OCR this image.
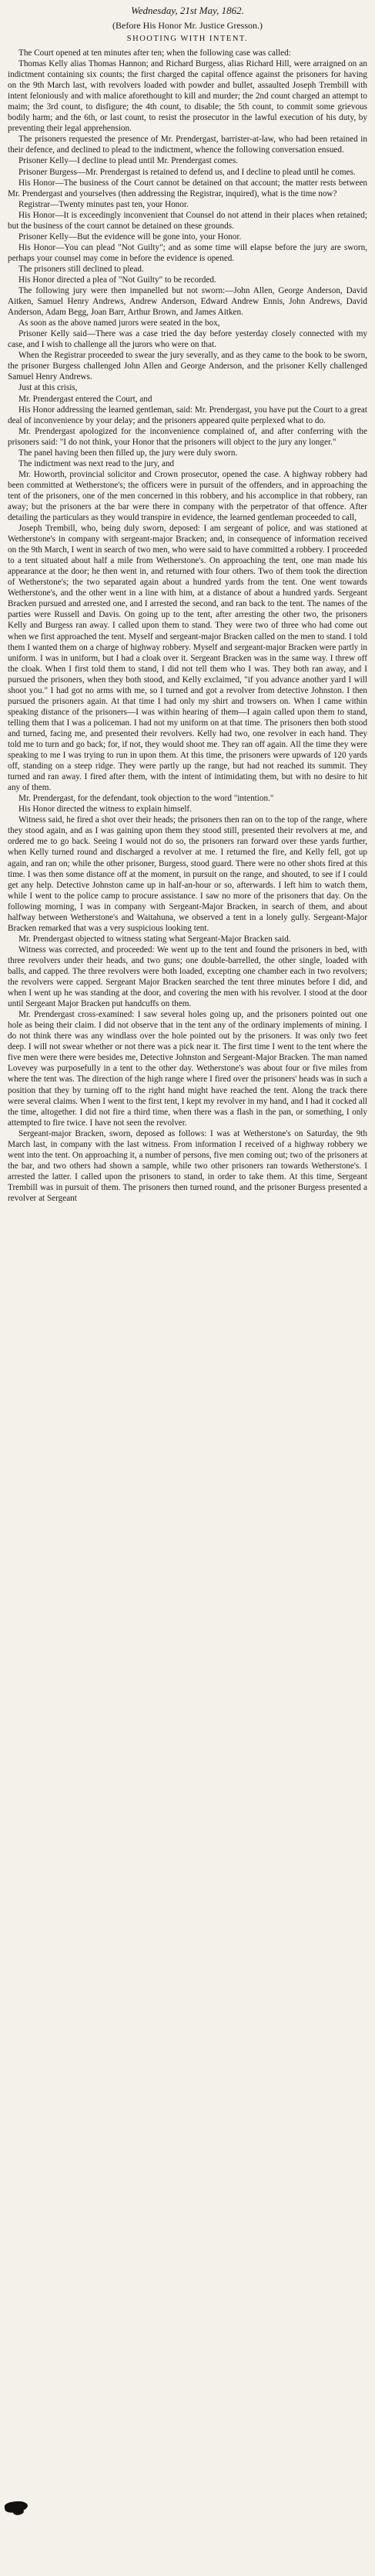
Wednesday, 21st May, 1862.
(Before His Honor Mr. Justice Gresson.)
SHOOTING WITH INTENT.

The Court opened at ten minutes after ten; when the following case was called:

Thomas Kelly alias Thomas Hannon; and Richard Burgess, alias Richard Hill, were arraigned on an indictment containing six counts; the first charged the capital offence against the prisoners for having on the 9th March last, with revolvers loaded with powder and bullet, assaulted Joseph Trembill with intent feloniously and with malice aforethought to kill and murder; the 2nd count charged an attempt to maim; the 3rd count, to disfigure; the 4th count, to disable; the 5th count, to commit some grievous bodily harm; and the 6th, or last count, to resist the prosecutor in the lawful execution of his duty, by preventing their legal apprehension.

The prisoners requested the presence of Mr. Prendergast, barrister-at-law, who had been retained in their defence, and declined to plead to the indictment, whence the following conversation ensued.

Prisoner Kelly—I decline to plead until Mr. Prendergast comes.

Prisoner Burgess—Mr. Prendergast is retained to defend us, and I decline to plead until he comes.

His Honor—The business of the Court cannot be detained on that account; the matter rests between Mr. Prendergast and yourselves (then addressing the Registrar, inquired), what is the time now?

Registrar—Twenty minutes past ten, your Honor.

His Honor—It is exceedingly inconvenient that Counsel do not attend in their places when retained; but the business of the court cannot be detained on these grounds.

Prisoner Kelly—But the evidence will be gone into, your Honor.

His Honor—You can plead "Not Guilty"; and as some time will elapse before the jury are sworn, perhaps your counsel may come in before the evidence is opened.

The prisoners still declined to plead.

His Honor directed a plea of "Not Guilty" to be recorded.

The following jury were then impanelled but not sworn:—John Allen, George Anderson, David Aitken, Samuel Henry Andrews, Andrew Anderson, Edward Andrew Ennis, John Andrews, David Anderson, Adam Begg, Joan Barr, Arthur Brown, and James Aitken.

As soon as the above named jurors were seated in the box,

Prisoner Kelly said—There was a case tried the day before yesterday closely connected with my case, and I wish to challenge all the jurors who were on that.

When the Registrar proceeded to swear the jury severally, and as they came to the book to be sworn, the prisoner Burgess challenged John Allen and George Anderson, and the prisoner Kelly challenged Samuel Henry Andrews.

Just at this crisis,

Mr. Prendergast entered the Court, and

His Honor addressing the learned gentleman, said: Mr. Prendergast, you have put the Court to a great deal of inconvenience by your delay; and the prisoners appeared quite perplexed what to do.

Mr. Prendergast apologized for the inconvenience complained of, and after conferring with the prisoners said: "I do not think, your Honor that the prisoners will object to the jury any longer."

The panel having been then filled up, the jury were duly sworn.

The indictment was next read to the jury, and

Mr. Howorth, provincial solicitor and Crown prosecutor, opened the case. A highway robbery had been committed at Wetherstone's; the officers were in pursuit of the offenders, and in approaching the tent of the prisoners, one of the men concerned in this robbery, and his accomplice in that robbery, ran away; but the prisoners at the bar were there in company with the perpetrator of that offence. After detailing the particulars as they would transpire in evidence, the learned gentleman proceeded to call,

Joseph Trembill, who, being duly sworn, deposed: I am sergeant of police, and was stationed at Wetherstone's in company with sergeant-major Bracken; and, in consequence of information received on the 9th March, I went in search of two men, who were said to have committed a robbery. I proceeded to a tent situated about half a mile from Wetherstone's. On approaching the tent, one man made his appearance at the door; he then went in, and returned with four others. Two of them took the direction of Wetherstone's; the two separated again about a hundred yards from the tent. One went towards Wetherstone's, and the other went in a line with him, at a distance of about a hundred yards. Sergeant Bracken pursued and arrested one, and I arrested the second, and ran back to the tent. The names of the parties were Russell and Davis. On going up to the tent, after arresting the other two, the prisoners Kelly and Burgess ran away. I called upon them to stand. They were two of three who had come out when we first approached the tent. Myself and sergeant-major Bracken called on the men to stand. I told them I wanted them on a charge of highway robbery. Myself and sergeant-major Bracken were partly in uniform. I was in uniform, but I had a cloak over it. Sergeant Bracken was in the same way. I threw off the cloak. When I first told them to stand, I did not tell them who I was. They both ran away, and I pursued the prisoners, when they both stood, and Kelly exclaimed, "if you advance another yard I will shoot you." I had got no arms with me, so I turned and got a revolver from detective Johnston. I then pursued the prisoners again. At that time I had only my shirt and trowsers on. When I came within speaking distance of the prisoners—I was within hearing of them—I again called upon them to stand, telling them that I was a policeman. I had not my uniform on at that time. The prisoners then both stood and turned, facing me, and presented their revolvers. Kelly had two, one revolver in each hand. They told me to turn and go back; for, if not, they would shoot me. They ran off again. All the time they were speaking to me I was trying to run in upon them. At this time, the prisoners were upwards of 120 yards off, standing on a steep ridge. They were partly up the range, but had not reached its summit. They turned and ran away. I fired after them, with the intent of intimidating them, but with no desire to hit any of them.

Mr. Prendergast, for the defendant, took objection to the word "intention."

His Honor directed the witness to explain himself.

Witness said, he fired a shot over their heads; the prisoners then ran on to the top of the range, where they stood again, and as I was gaining upon them they stood still, presented their revolvers at me, and ordered me to go back. Seeing I would not do so, the prisoners ran forward over these yards further, when Kelly turned round and discharged a revolver at me. I returned the fire, and Kelly fell, got up again, and ran on; while the other prisoner, Burgess, stood guard. There were no other shots fired at this time. I was then some distance off at the moment, in pursuit on the range, and shouted, to see if I could get any help. Detective Johnston came up in half-an-hour or so, afterwards. I left him to watch them, while I went to the police camp to procure assistance. I saw no more of the prisoners that day. On the following morning, I was in company with Sergeant-Major Bracken, in search of them, and about halfway between Wetherstone's and Waitahuna, we observed a tent in a lonely gully. Sergeant-Major Bracken remarked that was a very suspicious looking tent.

Mr. Prendergast objected to witness stating what Sergeant-Major Bracken said.

Witness was corrected, and proceeded: We went up to the tent and found the prisoners in bed, with three revolvers under their heads, and two guns; one double-barrelled, the other single, loaded with balls, and capped. The three revolvers were both loaded, excepting one chamber each in two revolvers; the revolvers were capped. Sergeant Major Bracken searched the tent three minutes before I did, and when I went up he was standing at the door, and covering the men with his revolver. I stood at the door until Sergeant Major Bracken put handcuffs on them.

Mr. Prendergast cross-examined: I saw several holes going up, and the prisoners pointed out one hole as being their claim. I did not observe that in the tent any of the ordinary implements of mining. I do not think there was any windlass over the hole pointed out by the prisoners. It was only two feet deep. I will not swear whether or not there was a pick near it. The first time I went to the tent where the five men were there were besides me, Detective Johnston and Sergeant-Major Bracken. The man named Lovevey was purposefully in a tent to the other day. Wetherstone's was about four or five miles from where the tent was. The direction of the high range where I fired over the prisoners' heads was in such a position that they by turning off to the right hand might have reached the tent. Along the track there were several claims. When I went to the first tent, I kept my revolver in my hand, and I had it cocked all the time, altogether. I did not fire a third time, when there was a flash in the pan, or something, I only attempted to fire twice. I have not seen the revolver.

Sergeant-major Bracken, sworn, deposed as follows: I was at Wetherstone's on Saturday, the 9th March last, in company with the last witness. From information I received of a highway robbery we went into the tent. On approaching it, a number of persons, five men coming out; two of the prisoners at the bar, and two others had shown a sample, while two other prisoners ran towards Wetherstone's. I arrested the latter. I called upon the prisoners to stand, in order to take them. At this time, Sergeant Trembill was in pursuit of them. The prisoners then turned round, and the prisoner Burgess presented a revolver at Sergeant
